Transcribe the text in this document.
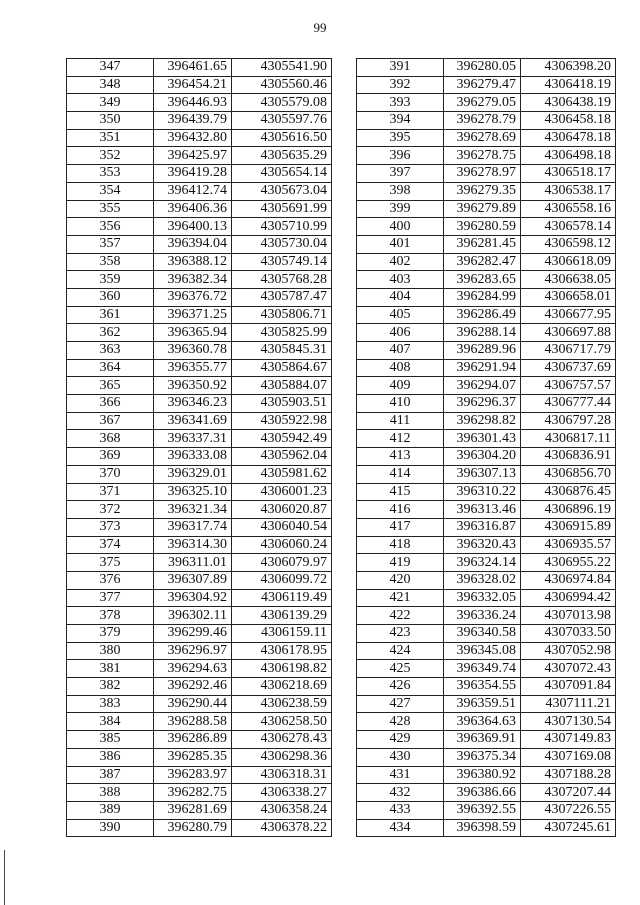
99
347	396461.65	4305541.90
348	396454.21	4305560.46
349	396446.93	4305579.08
350	396439.79	4305597.76
351	396432.80	4305616.50
352	396425.97	4305635.29
353	396419.28	4305654.14
354	396412.74	4305673.04
355	396406.36	4305691.99
356	396400.13	4305710.99
357	396394.04	4305730.04
358	396388.12	4305749.14
359	396382.34	4305768.28
360	396376.72	4305787.47
361	396371.25	4305806.71
362	396365.94	4305825.99
363	396360.78	4305845.31
364	396355.77	4305864.67
365	396350.92	4305884.07
366	396346.23	4305903.51
367	396341.69	4305922.98
368	396337.31	4305942.49
369	396333.08	4305962.04
370	396329.01	4305981.62
371	396325.10	4306001.23
372	396321.34	4306020.87
373	396317.74	4306040.54
374	396314.30	4306060.24
375	396311.01	4306079.97
376	396307.89	4306099.72
377	396304.92	4306119.49
378	396302.11	4306139.29
379	396299.46	4306159.11
380	396296.97	4306178.95
381	396294.63	4306198.82
382	396292.46	4306218.69
383	396290.44	4306238.59
384	396288.58	4306258.50
385	396286.89	4306278.43
386	396285.35	4306298.36
387	396283.97	4306318.31
388	396282.75	4306338.27
389	396281.69	4306358.24
390	396280.79	4306378.22
391	396280.05	4306398.20
392	396279.47	4306418.19
393	396279.05	4306438.19
394	396278.79	4306458.18
395	396278.69	4306478.18
396	396278.75	4306498.18
397	396278.97	4306518.17
398	396279.35	4306538.17
399	396279.89	4306558.16
400	396280.59	4306578.14
401	396281.45	4306598.12
402	396282.47	4306618.09
403	396283.65	4306638.05
404	396284.99	4306658.01
405	396286.49	4306677.95
406	396288.14	4306697.88
407	396289.96	4306717.79
408	396291.94	4306737.69
409	396294.07	4306757.57
410	396296.37	4306777.44
411	396298.82	4306797.28
412	396301.43	4306817.11
413	396304.20	4306836.91
414	396307.13	4306856.70
415	396310.22	4306876.45
416	396313.46	4306896.19
417	396316.87	4306915.89
418	396320.43	4306935.57
419	396324.14	4306955.22
420	396328.02	4306974.84
421	396332.05	4306994.42
422	396336.24	4307013.98
423	396340.58	4307033.50
424	396345.08	4307052.98
425	396349.74	4307072.43
426	396354.55	4307091.84
427	396359.51	4307111.21
428	396364.63	4307130.54
429	396369.91	4307149.83
430	396375.34	4307169.08
431	396380.92	4307188.28
432	396386.66	4307207.44
433	396392.55	4307226.55
434	396398.59	4307245.61
